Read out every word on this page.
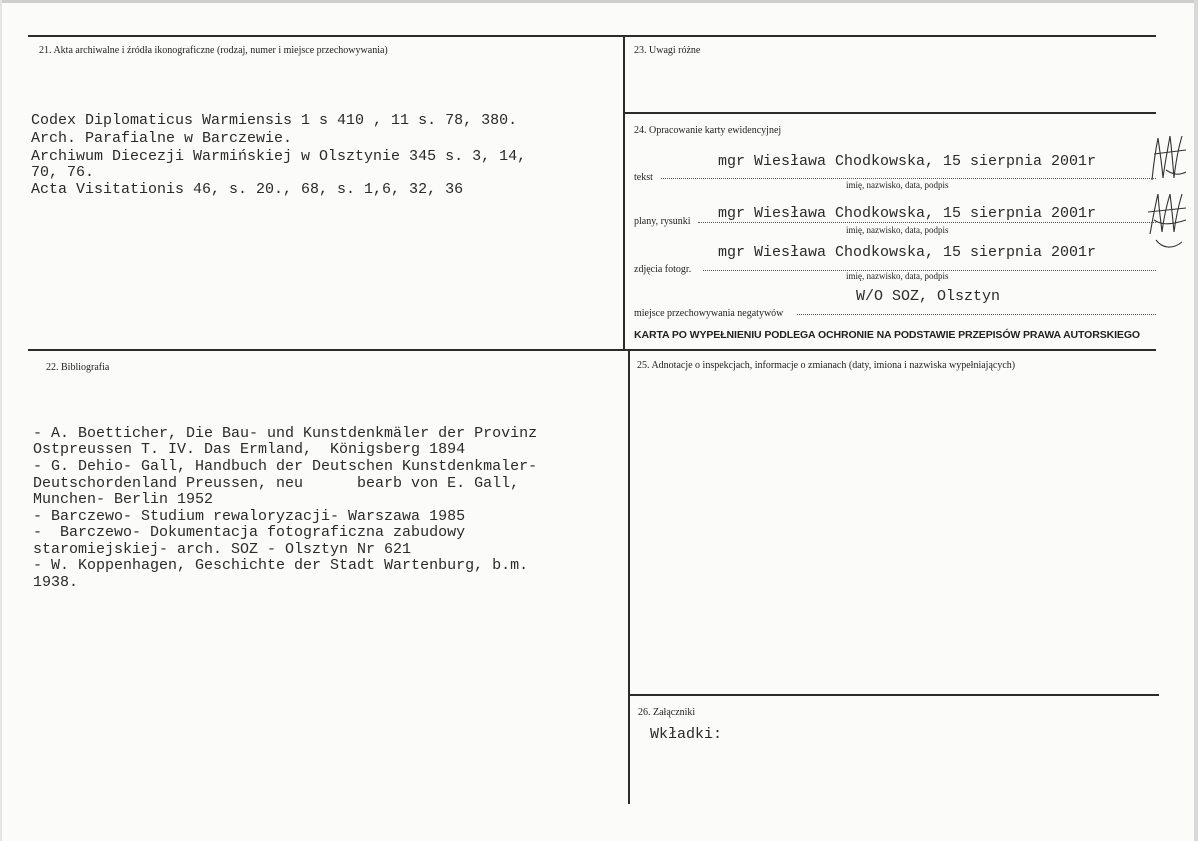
21. Akta archiwalne i źródła ikonograficzne (rodzaj, numer i miejsce przechowywania)
Codex Diplomaticus Warmiensis 1 s 410 , 11 s. 78, 380.
Arch. Parafialne w Barczewie.
Archiwum Diecezji Warmińskiej w Olsztynie 345 s. 3, 14,
70, 76.
Acta Visitationis 46, s. 20., 68, s. 1,6, 32, 36
22. Bibliografia
- A. Boetticher, Die Bau- und Kunstdenkmäler der Provinz
Ostpreussen T. IV. Das Ermland,  Königsberg 1894
- G. Dehio- Gall, Handbuch der Deutschen Kunstdenkmaler-
Deutschordenland Preussen, neu      bearb von E. Gall,
Munchen- Berlin 1952
- Barczewo- Studium rewaloryzacji- Warszawa 1985
-  Barczewo- Dokumentacja fotograficzna zabudowy
staromiejskiej- arch. SOZ - Olsztyn Nr 621
- W. Koppenhagen, Geschichte der Stadt Wartenburg, b.m.
1938.
23. Uwagi różne
24. Opracowanie karty ewidencyjnej
mgr Wiesława Chodkowska, 15 sierpnia 2001r
tekst
imię, nazwisko, data, podpis
mgr Wiesława Chodkowska, 15 sierpnia 2001r
plany, rysunki
imię, nazwisko, data, podpis
mgr Wiesława Chodkowska, 15 sierpnia 2001r
zdjęcia fotogr.
imię, nazwisko, data, podpis
W/O SOZ, Olsztyn
miejsce przechowywania negatywów
KARTA PO WYPEŁNIENIU PODLEGA OCHRONIE NA PODSTAWIE PRZEPISÓW PRAWA AUTORSKIEGO
25. Adnotacje o inspekcjach, informacje o zmianach (daty, imiona i nazwiska wypełniających)
26. Załączniki
Wkładki:
